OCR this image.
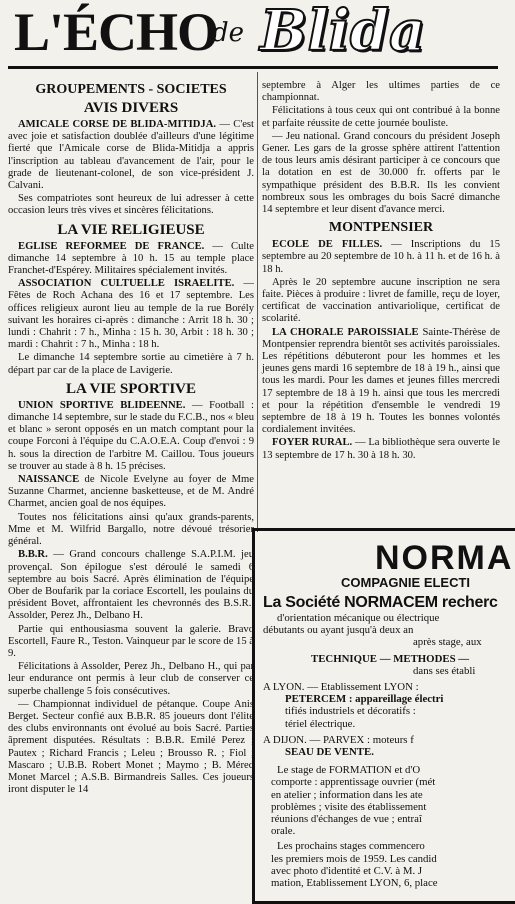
L'ÉCHO
de Blida
GROUPEMENTS - SOCIETES
AVIS DIVERS

AMICALE CORSE DE BLIDA-MITIDJA. — C'est avec joie et satisfaction doublée d'ailleurs d'une légitime fierté que l'Amicale corse de Blida-Mitidja a appris l'inscription au tableau d'avancement de l'air, pour le grade de lieutenant-colonel, de son vice-président J. Calvani.

Ses compatriotes sont heureux de lui adresser à cette occasion leurs très vives et sincères félicitations.

LA VIE RELIGIEUSE

EGLISE REFORMEE DE FRANCE. — Culte dimanche 14 septembre à 10 h. 15 au temple place Franchet-d'Espérey. Militaires spécialement invités.

ASSOCIATION CULTUELLE ISRAELITE. — Fêtes de Roch Achana des 16 et 17 septembre. Les offices religieux auront lieu au temple de la rue Borély suivant les horaires ci-après : dimanche : Arrit 18 h. 30 ; lundi : Chahrit : 7 h., Minha : 15 h. 30, Arbit : 18 h. 30 ; mardi : Chahrit : 7 h., Minha : 18 h.

Le dimanche 14 septembre sortie au cimetière à 7 h. départ par car de la place de Lavigerie.

LA VIE SPORTIVE

UNION SPORTIVE BLIDEENNE. — Football : dimanche 14 septembre, sur le stade du F.C.B., nos « bleu et blanc » seront opposés en un match comptant pour la coupe Forconi à l'équipe du C.A.O.E.A. Coup d'envoi : 9 h. sous la direction de l'arbitre M. Caillou. Tous joueurs se trouver au stade à 8 h. 15 précises.

NAISSANCE de Nicole Evelyne au foyer de Mme Suzanne Charmet, ancienne basketteuse, et de M. André Charmet, ancien goal de nos équipes.

Toutes nos félicitations ainsi qu'aux grands-parents, Mme et M. Wilfrid Bargallo, notre dévoué trésorier général.

B.B.R. — Grand concours challenge S.A.P.I.M. jeu provençal. Son épilogue s'est déroulé le samedi 6 septembre au bois Sacré. Après élimination de l'équipe Ober de Boufarik par la coriace Escortell, les poulains du président Bovet, affrontaient les chevronnés des B.S.R., Assolder, Perez Jh., Delbano H.

Partie qui enthousiasma souvent la galerie. Bravo Escortell, Faure R., Teston. Vainqueur par le score de 15 à 9.

Félicitations à Assolder, Perez Jh., Delbano H., qui par leur endurance ont permis à leur club de conserver ce superbe challenge 5 fois consécutives.

— Championnat individuel de pétanque. Coupe Anis Berget. Secteur confié aux B.B.R. 85 joueurs dont l'élite des clubs environnants ont évolué au bois Sacré. Parties âprement disputées. Résultats : B.B.R. Emilé Perez ; Pautex ; Richard Francis ; Leleu ; Brousso R. ; Fiol ; Mascaro ; U.B.B. Robert Monet ; Maymo ; B. Méred Monet Marcel ; A.S.B. Birmandreis Salles. Ces joueurs iront disputer le 14

septembre à Alger les ultimes parties de ce championnat.

Félicitations à tous ceux qui ont contribué à la bonne et parfaite réussite de cette journée bouliste.

— Jeu national. Grand concours du président Joseph Gener. Les gars de la grosse sphère attirent l'attention de tous leurs amis désirant participer à ce concours que la dotation en est de 30.000 fr. offerts par le sympathique président des B.B.R. Ils les convient nombreux sous les ombrages du bois Sacré dimanche 14 septembre et leur disent d'avance merci.

MONTPENSIER

ECOLE DE FILLES. — Inscriptions du 15 septembre au 20 septembre de 10 h. à 11 h. et de 16 h. à 18 h.

Après le 20 septembre aucune inscription ne sera faite. Pièces à produire : livret de famille, reçu de loyer, certificat de vaccination antivariolique, certificat de scolarité.

LA CHORALE PAROISSIALE Sainte-Thérèse de Montpensier reprendra bientôt ses activités paroissiales. Les répétitions débuteront pour les hommes et les jeunes gens mardi 16 septembre de 18 à 19 h., ainsi que tous les mardi. Pour les dames et jeunes filles mercredi 17 septembre de 18 à 19 h. ainsi que tous les mercredi et pour la répétition d'ensemble le vendredi 19 septembre de 18 à 19 h. Toutes les bonnes volontés cordialement invitées.

FOYER RURAL. — La bibliothèque sera ouverte le 13 septembre de 17 h. 30 à 18 h. 30.

NORMA
COMPAGNIE ELECTI
La Société NORMACEM recherc

d'orientation mécanique ou électrique

débutants ou ayant jusqu'à deux an

après stage, aux

TECHNIQUE — METHODES —

dans ses établi

A LYON. — Etablissement LYON :

PETERCEM : appareillage électri

tifiés industriels et décoratifs :

tériel électrique.

A DIJON. — PARVEX : moteurs f

SEAU DE VENTE.

Le stage de FORMATION et d'O

comporte : apprentissage ouvrier (mét

en atelier ; information dans les ate

problèmes ; visite des établissement

réunions d'échanges de vue ; entraî

orale.

Les prochains stages commencero

les premiers mois de 1959. Les candid

avec photo d'identité et C.V. à M. J

mation, Etablissement LYON, 6, place
